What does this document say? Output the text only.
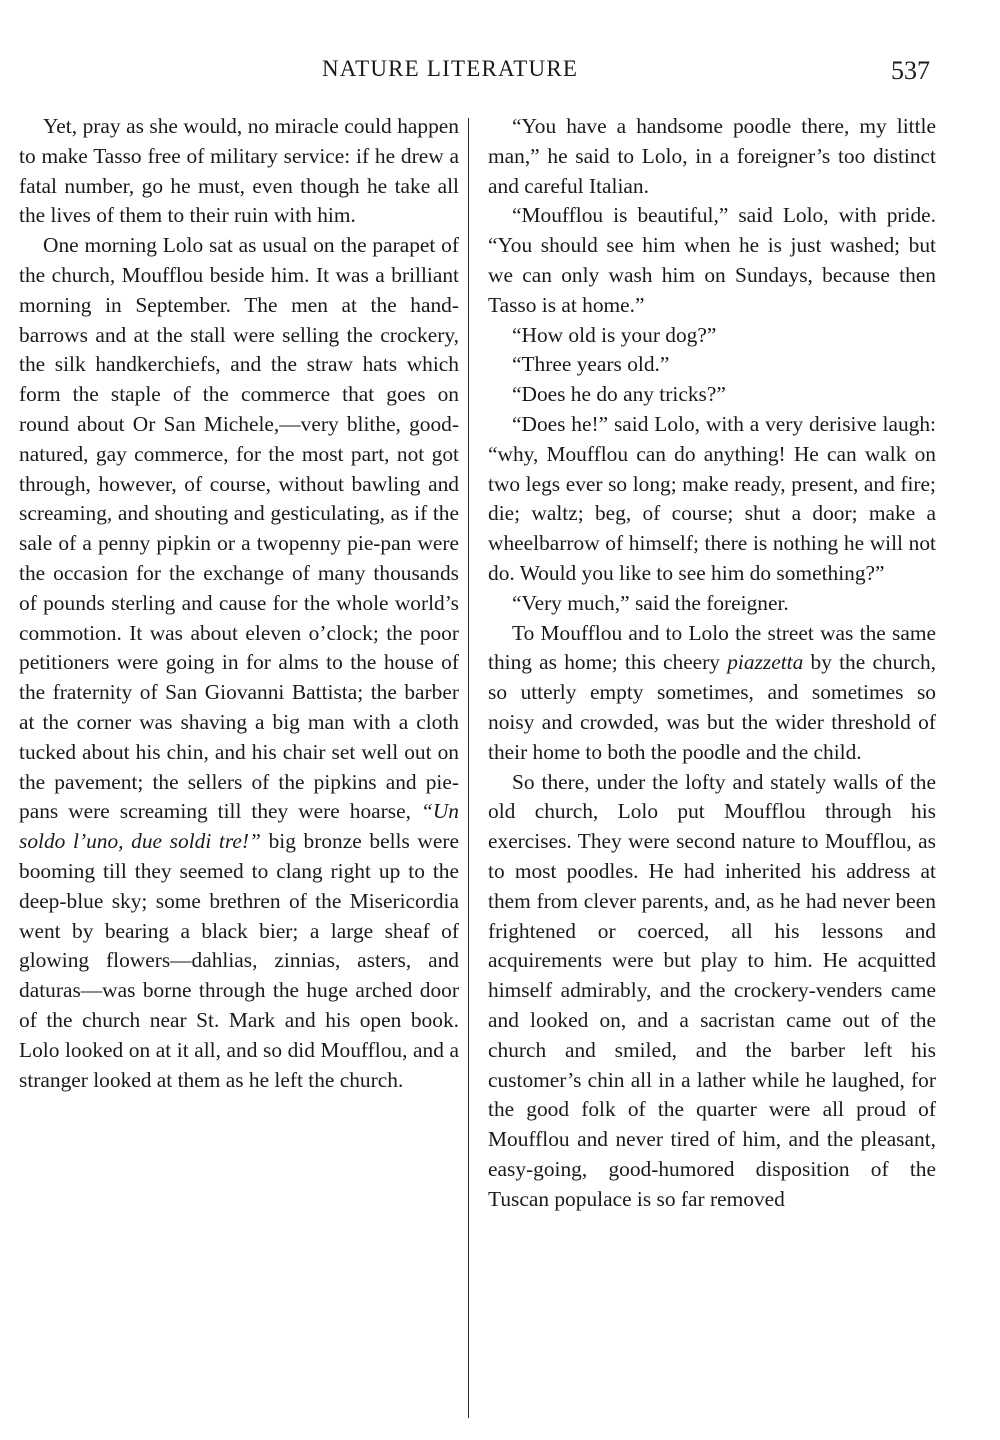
NATURE LITERATURE	537

Yet, pray as she would, no miracle could happen to make Tasso free of military service: if he drew a fatal number, go he must, even though he take all the lives of them to their ruin with him.

One morning Lolo sat as usual on the parapet of the church, Moufflou beside him. It was a brilliant morning in September. The men at the hand-barrows and at the stall were selling the crockery, the silk handkerchiefs, and the straw hats which form the staple of the commerce that goes on round about Or San Michele,—very blithe, good-natured, gay commerce, for the most part, not got through, however, of course, without bawling and screaming, and shouting and gesticulating, as if the sale of a penny pipkin or a twopenny pie-pan were the occasion for the exchange of many thousands of pounds sterling and cause for the whole world’s commotion. It was about eleven o’clock; the poor petitioners were going in for alms to the house of the fraternity of San Giovanni Battista; the barber at the corner was shaving a big man with a cloth tucked about his chin, and his chair set well out on the pavement; the sellers of the pipkins and pie-pans were screaming till they were hoarse, “Un soldo l’uno, due soldi tre!” big bronze bells were booming till they seemed to clang right up to the deep-blue sky; some brethren of the Misericordia went by bearing a black bier; a large sheaf of glowing flowers—dahlias, zinnias, asters, and daturas—was borne through the huge arched door of the church near St. Mark and his open book. Lolo looked on at it all, and so did Moufflou, and a stranger looked at them as he left the church.

“You have a handsome poodle there, my little man,” he said to Lolo, in a foreigner’s too distinct and careful Italian.

“Moufflou is beautiful,” said Lolo, with pride. “You should see him when he is just washed; but we can only wash him on Sundays, because then Tasso is at home.”

“How old is your dog?”

“Three years old.”

“Does he do any tricks?”

“Does he!” said Lolo, with a very derisive laugh: “why, Moufflou can do anything! He can walk on two legs ever so long; make ready, present, and fire; die; waltz; beg, of course; shut a door; make a wheelbarrow of himself; there is nothing he will not do. Would you like to see him do something?”

“Very much,” said the foreigner.

To Moufflou and to Lolo the street was the same thing as home; this cheery piazzetta by the church, so utterly empty sometimes, and sometimes so noisy and crowded, was but the wider threshold of their home to both the poodle and the child.

So there, under the lofty and stately walls of the old church, Lolo put Moufflou through his exercises. They were second nature to Moufflou, as to most poodles. He had inherited his address at them from clever parents, and, as he had never been frightened or coerced, all his lessons and acquirements were but play to him. He acquitted himself admirably, and the crockery-venders came and looked on, and a sacristan came out of the church and smiled, and the barber left his customer’s chin all in a lather while he laughed, for the good folk of the quarter were all proud of Moufflou and never tired of him, and the pleasant, easy-going, good-humored disposition of the Tuscan populace is so far removed
